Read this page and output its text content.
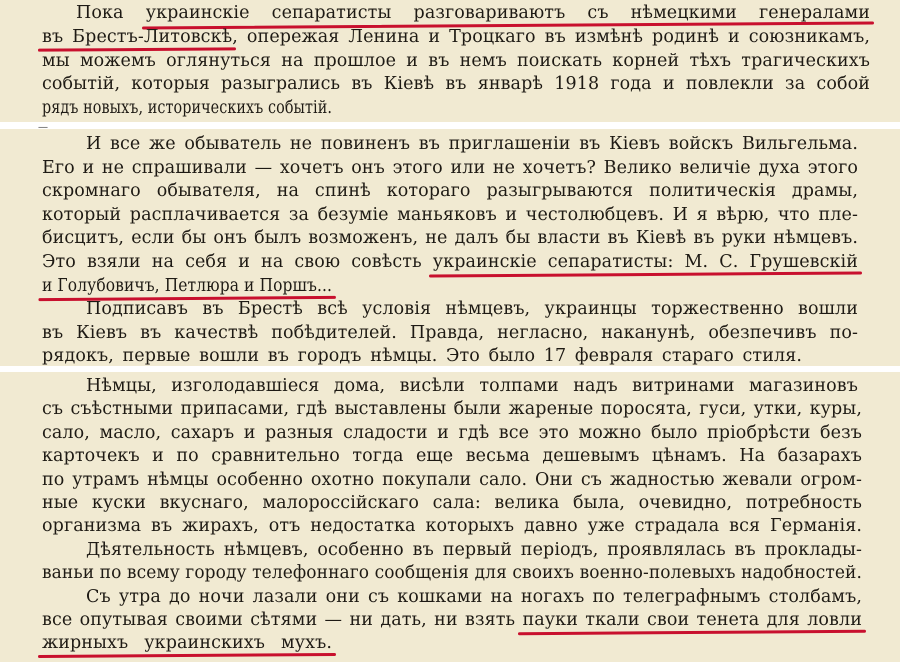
Пока украинскіе сепаратисты разговариваютъ съ нѣмецкими генералами
въ Брестъ-Литовскѣ, опережая Ленина и Троцкаго въ измѣнѣ родинѣ и союзникамъ,
мы можемъ оглянуться на прошлое и въ немъ поискать корней тѣхъ трагическихъ
событій, которыя разыгрались въ Кіевѣ въ январѣ 1918 года и повлекли за собой
рядъ новыхъ, историческихъ событій.
И все же обыватель не повиненъ въ приглашеніи въ Кіевъ войскъ Вильгельма.
Его и не спрашивали — хочетъ онъ этого или не хочетъ? Велико величіе духа этого
скромнаго обывателя, на спинѣ котораго разыгрываются политическія драмы,
который расплачивается за безуміе маньяковъ и честолюбцевъ. И я вѣрю, что пле-
бисцитъ, если бы онъ былъ возможенъ, не далъ бы власти въ Кіевѣ въ руки нѣмцевъ.
Это взяли на себя и на свою совѣсть украинскіе сепаратисты: М. С. Грушевскій
и Голубовичъ, Петлюра и Поршъ...
Подписавъ въ Брестѣ всѣ условія нѣмцевъ, украинцы торжественно вошли
въ Кіевъ въ качествѣ побѣдителей. Правда, негласно, наканунѣ, обезпечивъ по-
рядокъ, первые вошли въ городъ нѣмцы. Это было 17 февраля стараго стиля.
Нѣмцы, изголодавшіеся дома, висѣли толпами надъ витринами магазиновъ
съ съѣстными припасами, гдѣ выставлены были жареные поросята, гуси, утки, куры,
сало, масло, сахаръ и разныя сладости и гдѣ все это можно было пріобрѣсти безъ
карточекъ и по сравнительно тогда еще весьма дешевымъ цѣнамъ. На базарахъ
по утрамъ нѣмцы особенно охотно покупали сало. Они съ жадностью жевали огром-
ные куски вкуснаго, малороссійскаго сала: велика была, очевидно, потребность
организма въ жирахъ, отъ недостатка которыхъ давно уже страдала вся Германія.
Дѣятельность нѣмцевъ, особенно въ первый періодъ, проявлялась въ проклады-
ваньи по всему городу телефоннаго сообщенія для своихъ военно-полевыхъ надобностей.
Съ утра до ночи лазали они съ кошками на ногахъ по телеграфнымъ столбамъ,
все опутывая своими сѣтями — ни дать, ни взять пауки ткали свои тенета для ловли
жирныхъ украинскихъ мухъ.
—
